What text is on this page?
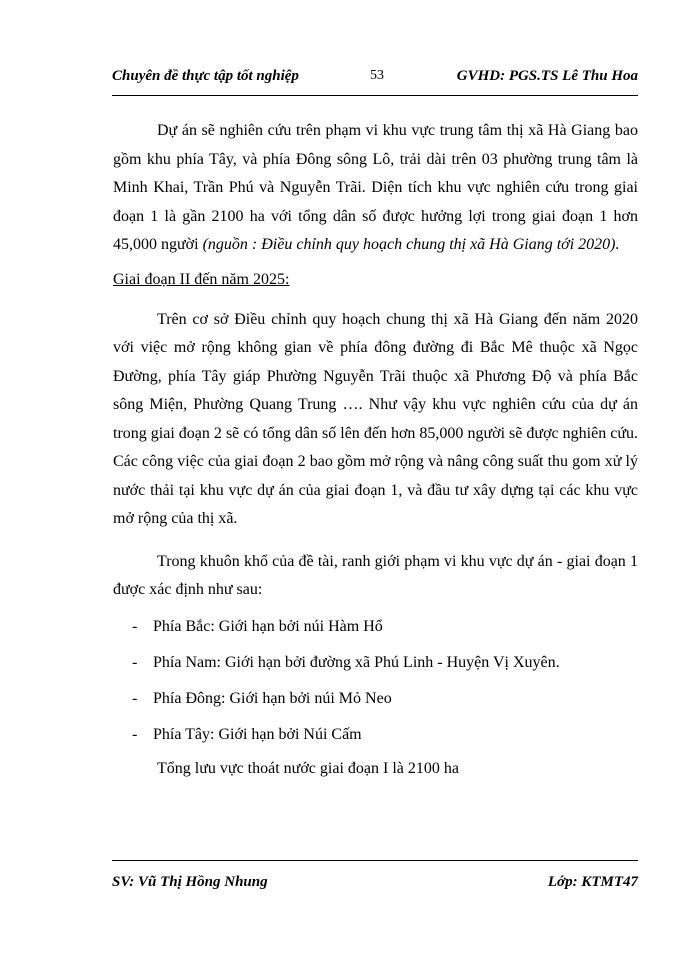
Chuyên đề thực tập tốt nghiệp	53	GVHD: PGS.TS Lê Thu Hoa

Dự án sẽ nghiên cứu trên phạm vi khu vực trung tâm thị xã Hà Giang bao gồm khu phía Tây, và phía Đông sông Lô, trải dài trên 03 phường trung tâm là Minh Khai, Trần Phú và Nguyễn Trãi. Diện tích khu vực nghiên cứu trong giai đoạn 1 là gần 2100 ha với tổng dân số được hưởng lợi trong giai đoạn 1 hơn 45,000 người (nguồn : Điều chỉnh quy hoạch chung thị xã Hà Giang tới 2020).

Giai đoạn II đến năm 2025:

Trên cơ sở Điều chỉnh quy hoạch chung thị xã Hà Giang đến năm 2020 với việc mở rộng không gian về phía đông đường đi Bắc Mê thuộc xã Ngọc Đường, phía Tây giáp Phường Nguyễn Trãi thuộc xã Phương Độ và phía Bắc sông Miện, Phường Quang Trung …. Như vậy khu vực nghiên cứu của dự án trong giai đoạn 2 sẽ có tổng dân số lên đến hơn 85,000 người sẽ được nghiên cứu. Các công việc của giai đoạn 2 bao gồm mở rộng và nâng công suất thu gom xử lý nước thải tại khu vực dự án của giai đoạn 1, và đầu tư xây dựng tại các khu vực mở rộng của thị xã.

Trong khuôn khổ của đề tài, ranh giới phạm vi khu vực dự án - giai đoạn 1 được xác định như sau:

- Phía Bắc: Giới hạn bởi núi Hàm Hổ
- Phía Nam: Giới hạn bởi đường xã Phú Linh - Huyện Vị Xuyên.
- Phía Đông: Giới hạn bởi núi Mỏ Neo
- Phía Tây: Giới hạn bởi Núi Cấm

Tổng lưu vực thoát nước giai đoạn I là 2100 ha

SV: Vũ Thị Hồng Nhung	Lớp: KTMT47
